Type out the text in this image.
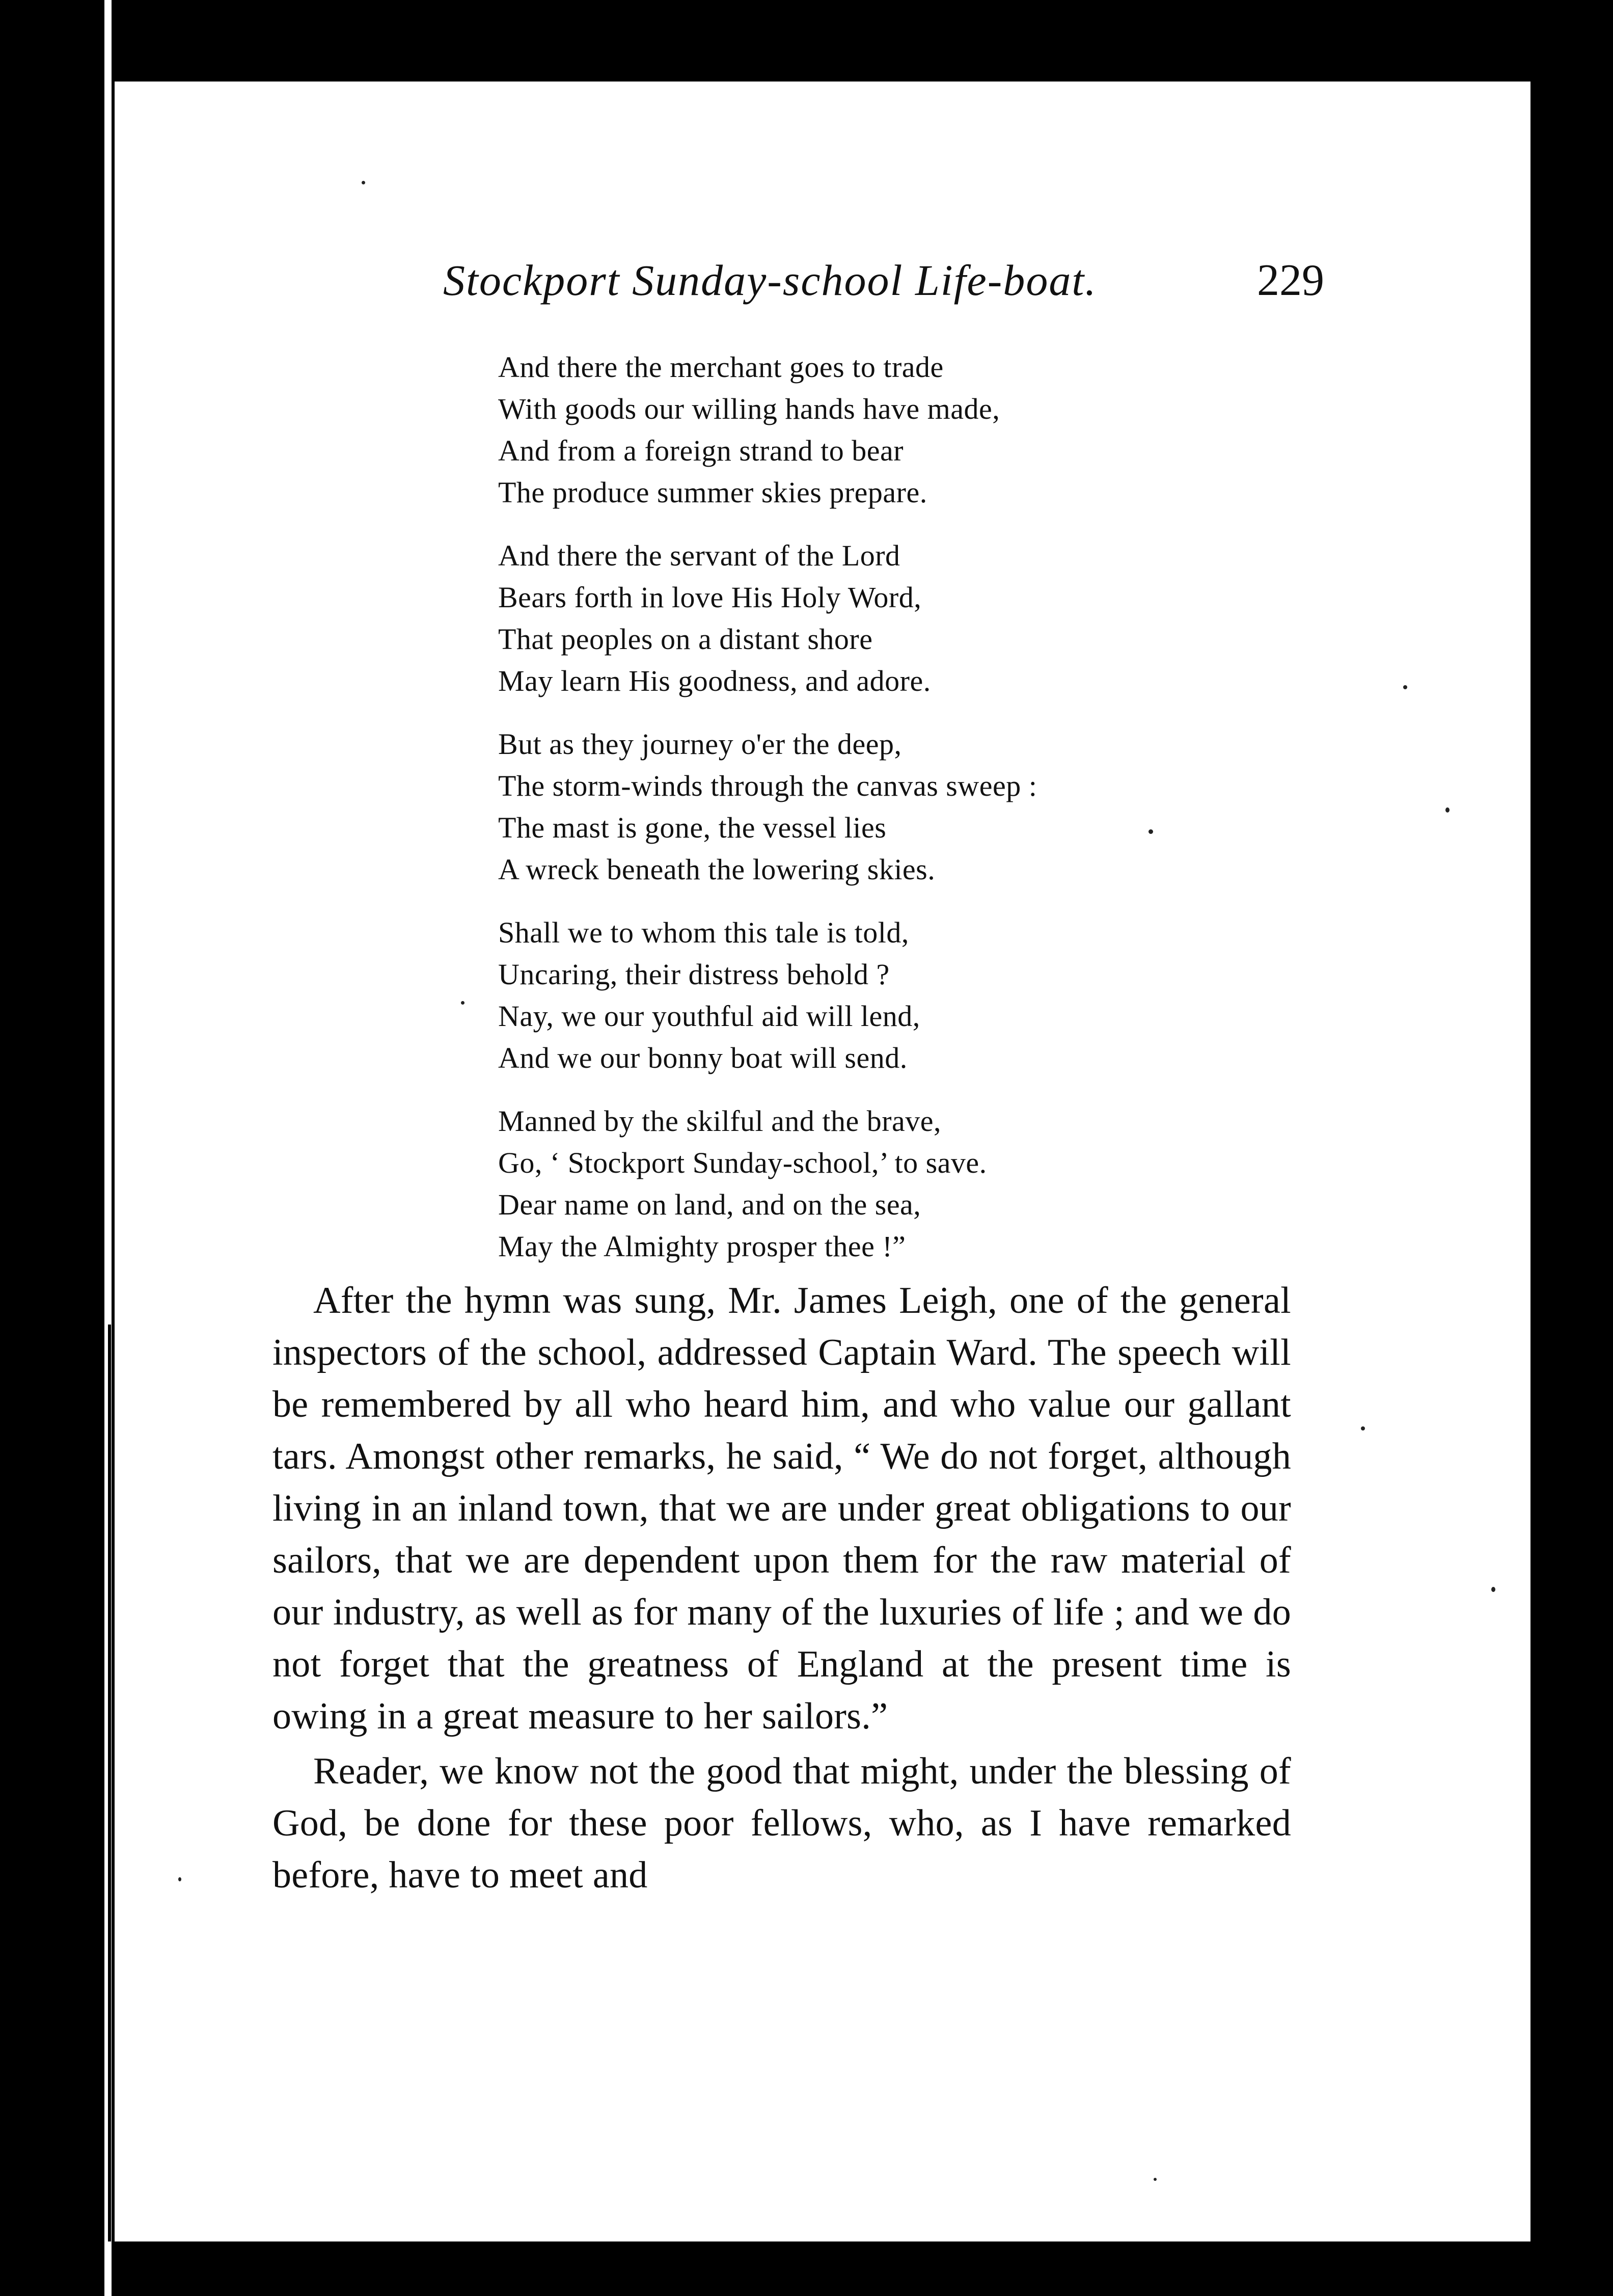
Stockport Sunday-school Life-boat.	229
And there the merchant goes to trade
With goods our willing hands have made,
And from a foreign strand to bear
The produce summer skies prepare.
And there the servant of the Lord
Bears forth in love His Holy Word,
That peoples on a distant shore
May learn His goodness, and adore.
But as they journey o'er the deep,
The storm-winds through the canvas sweep :
The mast is gone, the vessel lies
A wreck beneath the lowering skies.
Shall we to whom this tale is told,
Uncaring, their distress behold ?
Nay, we our youthful aid will lend,
And we our bonny boat will send.
Manned by the skilful and the brave,
Go, ‘ Stockport Sunday-school,’ to save.
Dear name on land, and on the sea,
May the Almighty prosper thee !”

After the hymn was sung, Mr. James Leigh, one of the general inspectors of the school, addressed Captain Ward. The speech will be remembered by all who heard him, and who value our gallant tars. Amongst other remarks, he said, “ We do not forget, although living in an inland town, that we are under great obligations to our sailors, that we are dependent upon them for the raw material of our industry, as well as for many of the luxuries of life ; and we do not forget that the greatness of England at the present time is owing in a great measure to her sailors.”

Reader, we know not the good that might, under the blessing of God, be done for these poor fellows, who, as I have remarked before, have to meet and
